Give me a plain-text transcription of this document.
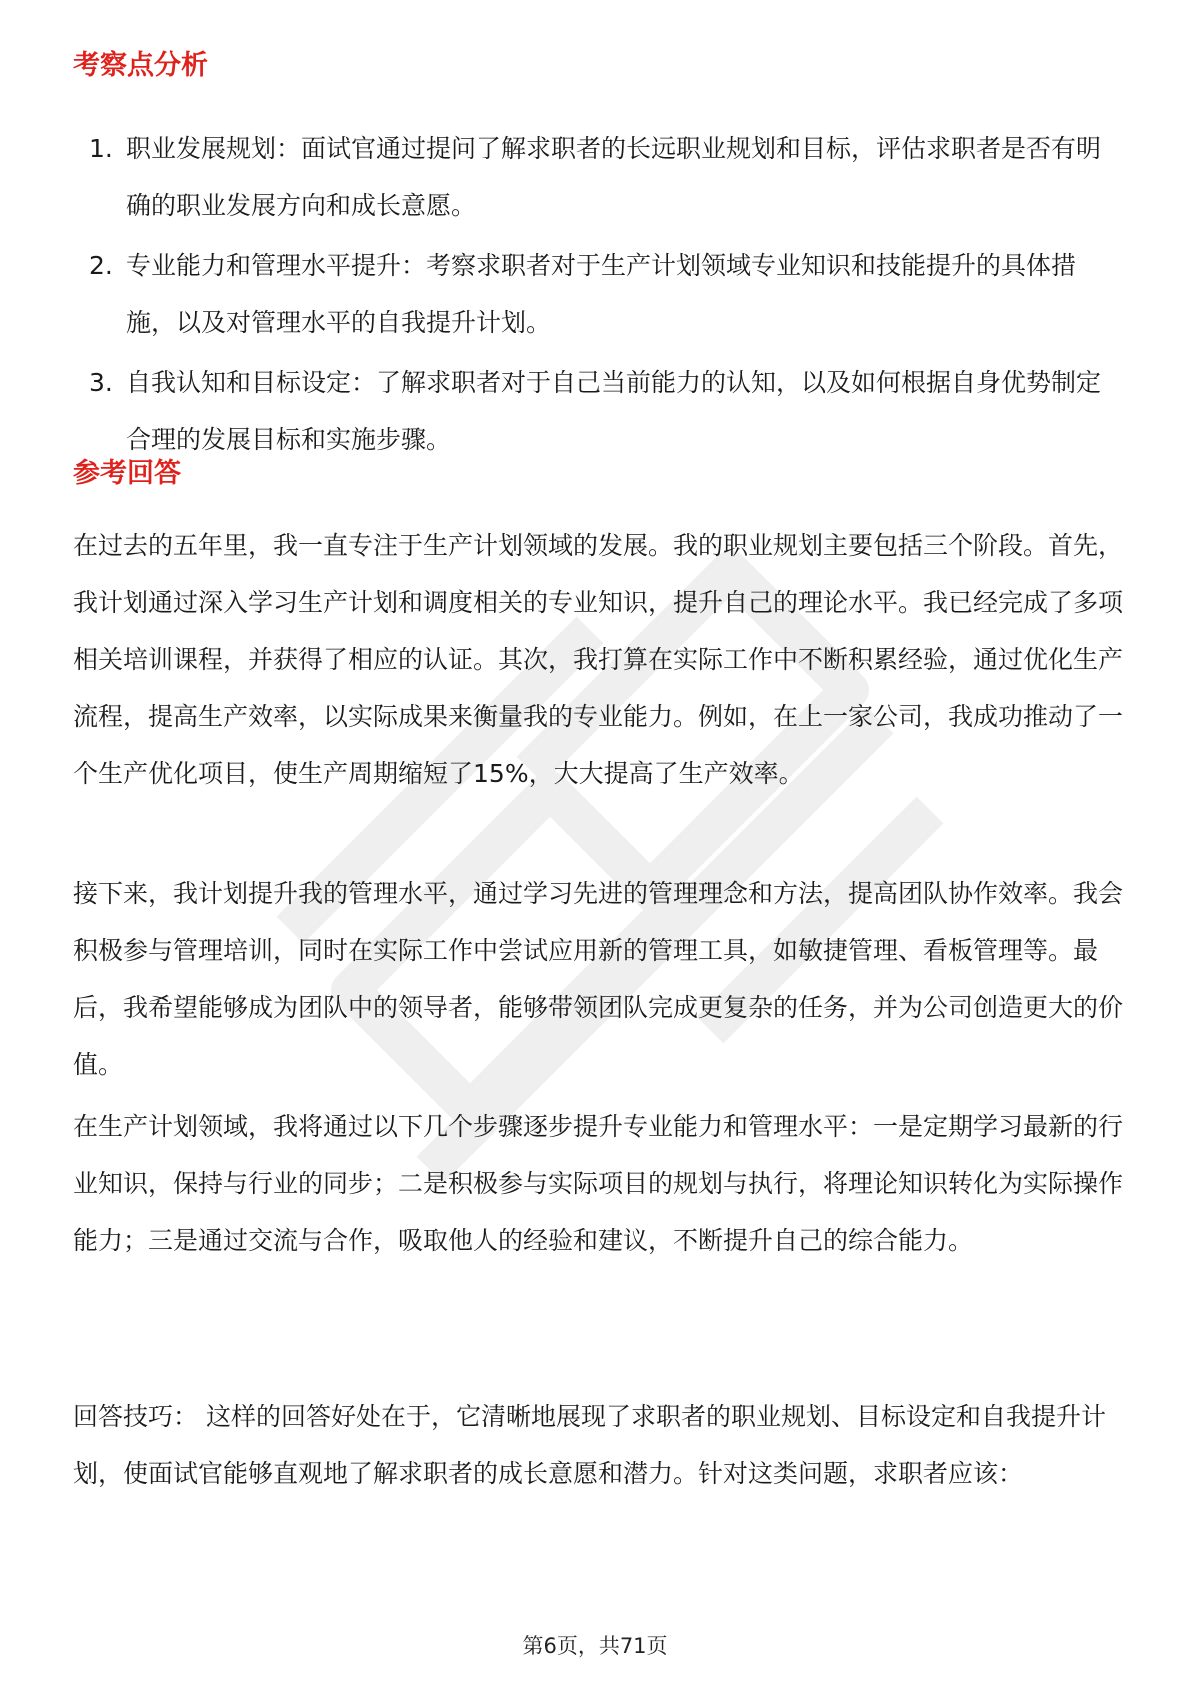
考察点分析
1. 职业发展规划：面试官通过提问了解求职者的长远职业规划和目标，评估求职者是否有明确的职业发展方向和成长意愿。
2. 专业能力和管理水平提升：考察求职者对于生产计划领域专业知识和技能提升的具体措施，以及对管理水平的自我提升计划。
3. 自我认知和目标设定：了解求职者对于自己当前能力的认知，以及如何根据自身优势制定合理的发展目标和实施步骤。
参考回答

在过去的五年里，我一直专注于生产计划领域的发展。我的职业规划主要包括三个阶段。首先，我计划通过深入学习生产计划和调度相关的专业知识，提升自己的理论水平。我已经完成了多项相关培训课程，并获得了相应的认证。其次，我打算在实际工作中不断积累经验，通过优化生产流程，提高生产效率，以实际成果来衡量我的专业能力。例如，在上一家公司，我成功推动了一个生产优化项目，使生产周期缩短了15%，大大提高了生产效率。

接下来，我计划提升我的管理水平，通过学习先进的管理理念和方法，提高团队协作效率。我会积极参与管理培训，同时在实际工作中尝试应用新的管理工具，如敏捷管理、看板管理等。最后，我希望能够成为团队中的领导者，能够带领团队完成更复杂的任务，并为公司创造更大的价值。

在生产计划领域，我将通过以下几个步骤逐步提升专业能力和管理水平：一是定期学习最新的行业知识，保持与行业的同步；二是积极参与实际项目的规划与执行，将理论知识转化为实际操作能力；三是通过交流与合作，吸取他人的经验和建议，不断提升自己的综合能力。

回答技巧： 这样的回答好处在于，它清晰地展现了求职者的职业规划、目标设定和自我提升计划，使面试官能够直观地了解求职者的成长意愿和潜力。针对这类问题，求职者应该：

第6页，共71页
